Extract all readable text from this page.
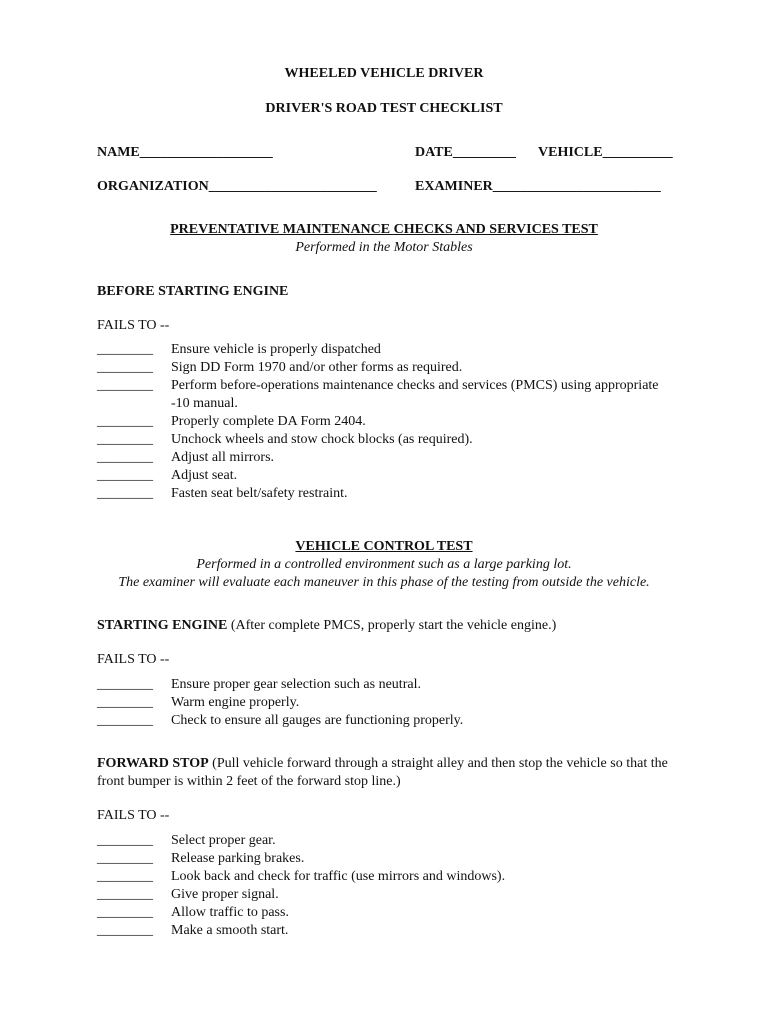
WHEELED VEHICLE DRIVER
DRIVER'S ROAD TEST CHECKLIST
NAME___________________	DATE_________ VEHICLE__________
ORGANIZATION________________________	EXAMINER________________________
PREVENTATIVE MAINTENANCE CHECKS AND SERVICES TEST
Performed in the Motor Stables
BEFORE STARTING ENGINE
FAILS TO --
________ Ensure vehicle is properly dispatched
________ Sign DD Form 1970 and/or other forms as required.
________ Perform before-operations maintenance checks and services (PMCS) using appropriate -10 manual.
________ Properly complete DA Form 2404.
________ Unchock wheels and stow chock blocks (as required).
________ Adjust all mirrors.
________ Adjust seat.
________ Fasten seat belt/safety restraint.
VEHICLE CONTROL TEST
Performed in a controlled environment such as a large parking lot.
The examiner will evaluate each maneuver in this phase of the testing from outside the vehicle.
STARTING ENGINE (After complete PMCS, properly start the vehicle engine.)
FAILS TO --
________ Ensure proper gear selection such as neutral.
________ Warm engine properly.
________ Check to ensure all gauges are functioning properly.
FORWARD STOP (Pull vehicle forward through a straight alley and then stop the vehicle so that the front bumper is within 2 feet of the forward stop line.)
FAILS TO --
________ Select proper gear.
________ Release parking brakes.
________ Look back and check for traffic (use mirrors and windows).
________ Give proper signal.
________ Allow traffic to pass.
________ Make a smooth start.
